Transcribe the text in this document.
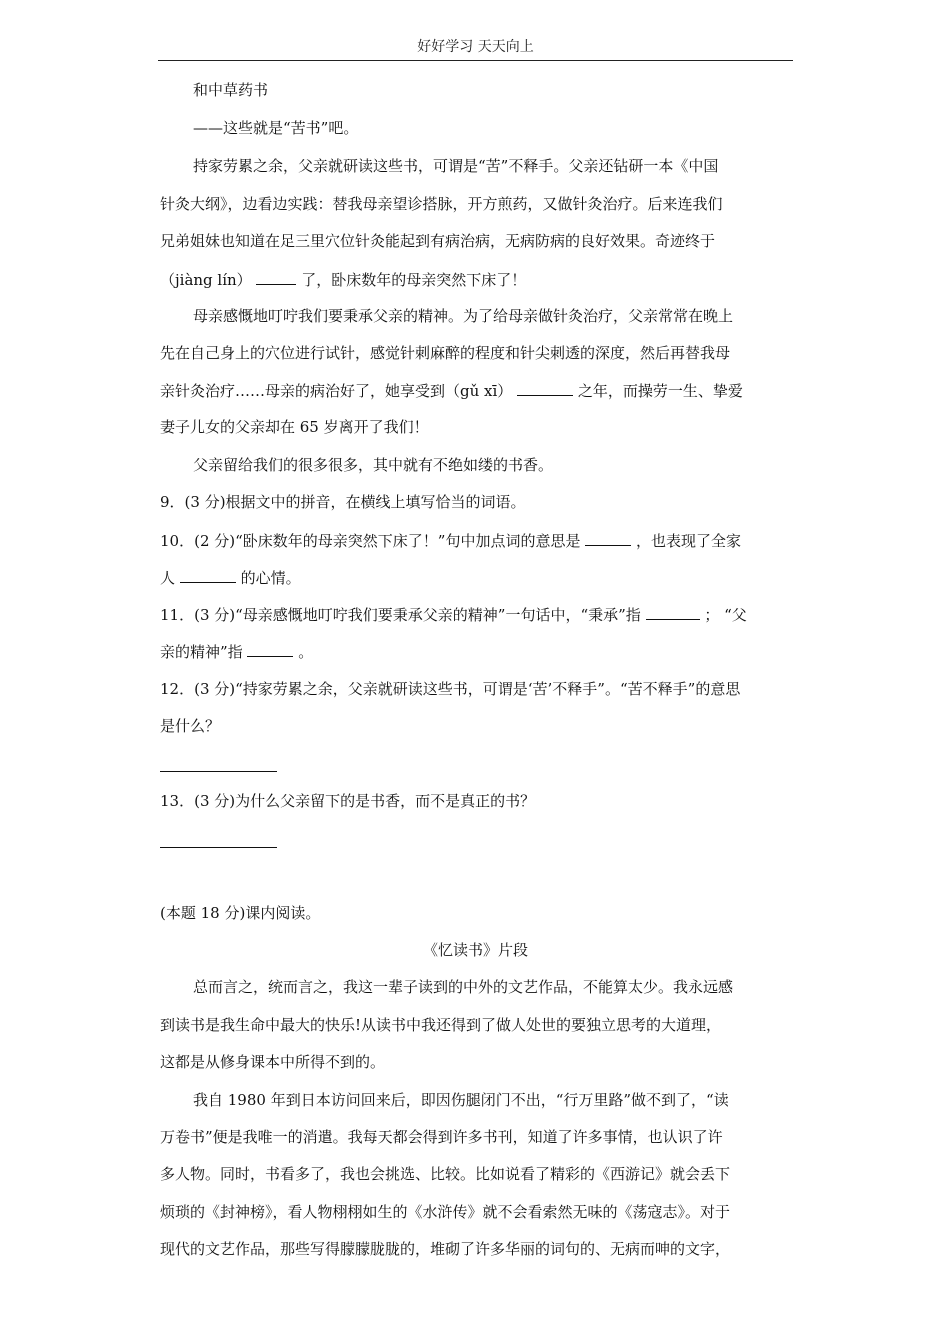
好好学习 天天向上
和中草药书
——这些就是“苦书”吧。
持家劳累之余，父亲就研读这些书，可谓是“苦”不释手。父亲还钻研一本《中国
针灸大纲》，边看边实践：替我母亲望诊搭脉，开方煎药，又做针灸治疗。后来连我们
兄弟姐妹也知道在足三里穴位针灸能起到有病治病，无病防病的良好效果。奇迹终于
（jiàng lín）	了，卧床数年的母亲突然下床了！
母亲感慨地叮咛我们要秉承父亲的精神。为了给母亲做针灸治疗，父亲常常在晚上
先在自己身上的穴位进行试针，感觉针刺麻醉的程度和针尖刺透的深度，然后再替我母
亲针灸治疗……母亲的病治好了，她享受到（gǔ xī）	之年，而操劳一生、挚爱
妻子儿女的父亲却在 65 岁离开了我们！
父亲留给我们的很多很多，其中就有不绝如缕的书香。
9．(3 分)根据文中的拼音，在横线上填写恰当的词语。
10．(2 分)“卧床数年的母亲突然下床了！”句中加点词的意思是	，也表现了全家
人	的心情。
11．(3 分)“母亲感慨地叮咛我们要秉承父亲的精神”一句话中，“秉承”指	； “父
亲的精神”指	。
12．(3 分)“持家劳累之余，父亲就研读这些书，可谓是‘苦’不释手”。“苦不释手”的意思
是什么？
13．(3 分)为什么父亲留下的是书香，而不是真正的书？
(本题 18 分)课内阅读。
《忆读书》片段
总而言之，统而言之，我这一辈子读到的中外的文艺作品，不能算太少。我永远感
到读书是我生命中最大的快乐!从读书中我还得到了做人处世的要独立思考的大道理，
这都是从修身课本中所得不到的。
我自 1980 年到日本访问回来后，即因伤腿闭门不出，“行万里路”做不到了，“读
万卷书”便是我唯一的消遣。我每天都会得到许多书刊，知道了许多事情，也认识了许
多人物。同时，书看多了，我也会挑选、比较。比如说看了精彩的《西游记》就会丢下
烦琐的《封神榜》，看人物栩栩如生的《水浒传》就不会看索然无味的《荡寇志》。对于
现代的文艺作品，那些写得朦朦胧胧的，堆砌了许多华丽的词句的、无病而呻的文字，
